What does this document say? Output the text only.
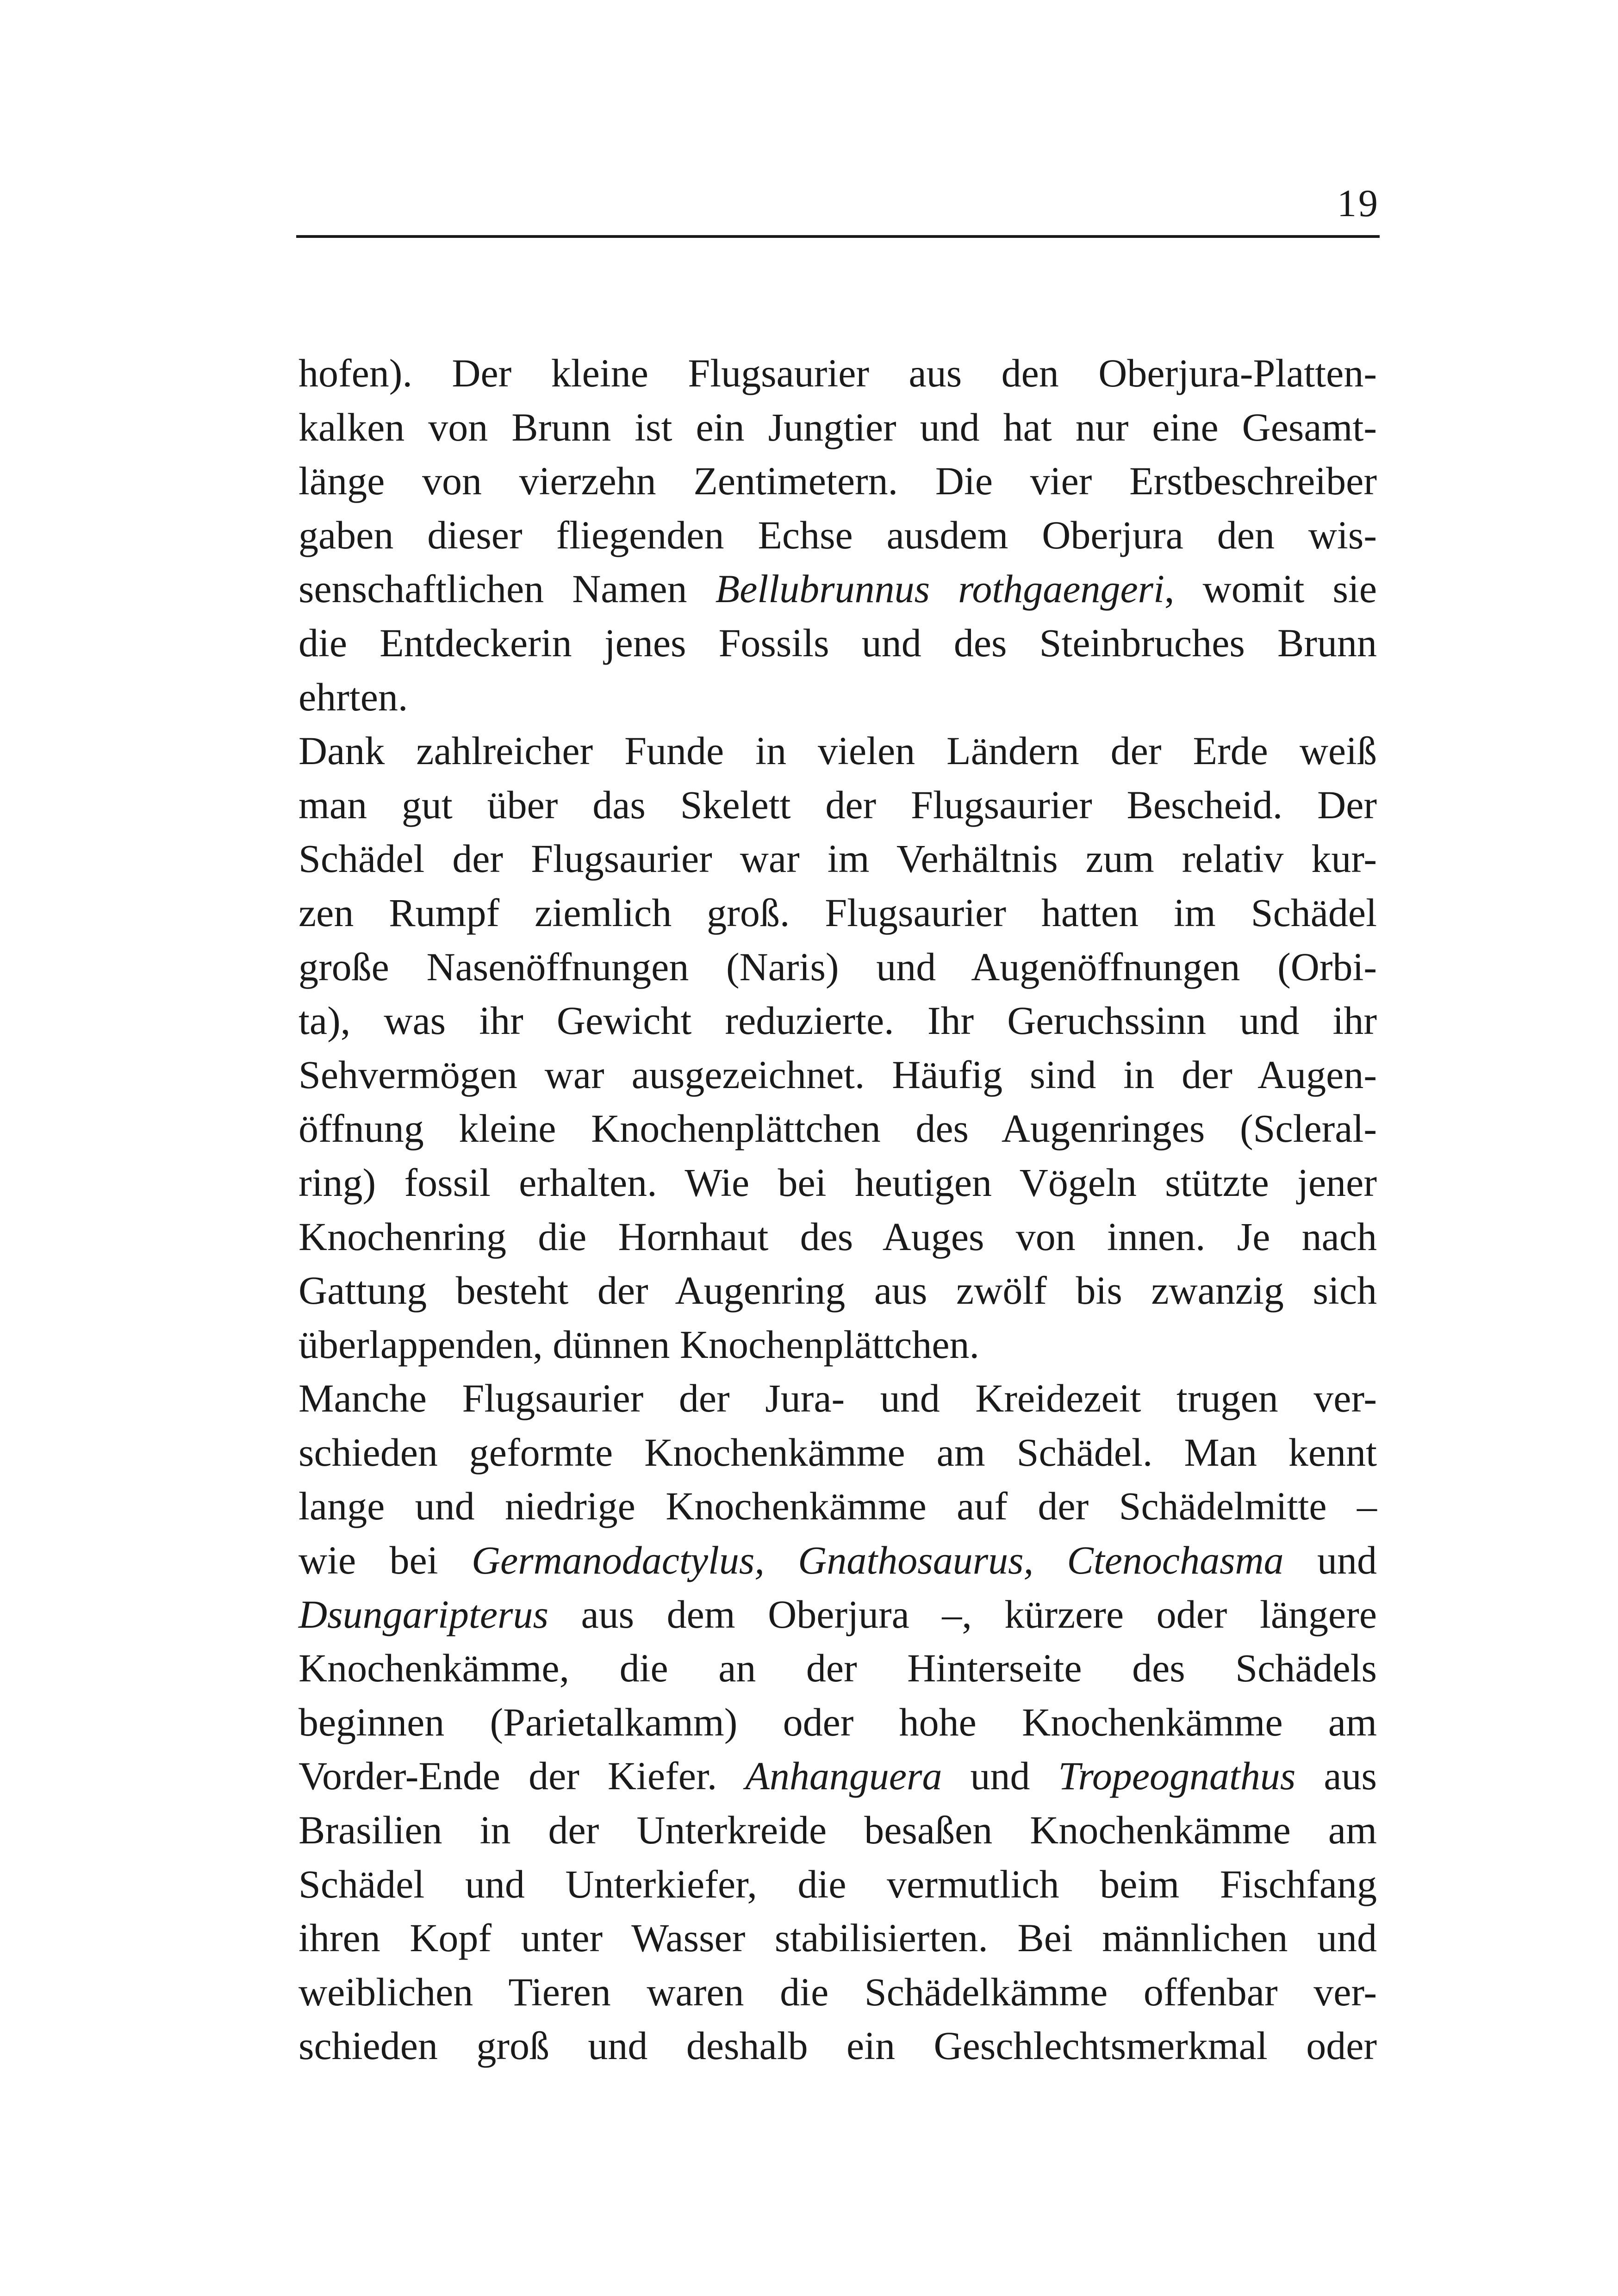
19
hofen). Der kleine Flugsaurier aus den Oberjura-Platten-
kalken von Brunn ist ein Jungtier und hat nur eine Gesamt-
länge von vierzehn Zentimetern. Die vier Erstbeschreiber
gaben dieser fliegenden Echse ausdem Oberjura den wis-
senschaftlichen Namen Bellubrunnus rothgaengeri, womit sie
die Entdeckerin jenes Fossils und des Steinbruches Brunn
ehrten.
Dank zahlreicher Funde in vielen Ländern der Erde weiß
man gut über das Skelett der Flugsaurier Bescheid. Der
Schädel der Flugsaurier war im Verhältnis zum relativ kur-
zen Rumpf ziemlich groß. Flugsaurier hatten im Schädel
große Nasenöffnungen (Naris) und Augenöffnungen (Orbi-
ta), was ihr Gewicht reduzierte. Ihr Geruchssinn und ihr
Sehvermögen war ausgezeichnet. Häufig sind in der Augen-
öffnung kleine Knochenplättchen des Augenringes (Scleral-
ring) fossil erhalten. Wie bei heutigen Vögeln stützte jener
Knochenring die Hornhaut des Auges von innen. Je nach
Gattung besteht der Augenring aus zwölf bis zwanzig sich
überlappenden, dünnen Knochenplättchen.
Manche Flugsaurier der Jura- und Kreidezeit trugen ver-
schieden geformte Knochenkämme am Schädel. Man kennt
lange und niedrige Knochenkämme auf der Schädelmitte –
wie bei Germanodactylus, Gnathosaurus, Ctenochasma und
Dsungaripterus aus dem Oberjura –, kürzere oder längere
Knochenkämme, die an der Hinterseite des Schädels
beginnen (Parietalkamm) oder hohe Knochenkämme am
Vorder-Ende der Kiefer. Anhanguera und Tropeognathus aus
Brasilien in der Unterkreide besaßen Knochenkämme am
Schädel und Unterkiefer, die vermutlich beim Fischfang
ihren Kopf unter Wasser stabilisierten. Bei männlichen und
weiblichen Tieren waren die Schädelkämme offenbar ver-
schieden groß und deshalb ein Geschlechtsmerkmal oder
